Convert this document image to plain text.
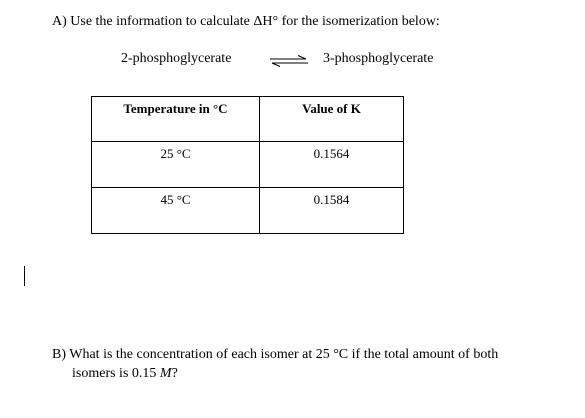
A) Use the information to calculate ΔH° for the isomerization below:
2-phosphoglycerate ⇌ 3-phosphoglycerate
Temperature in °C	Value of K
25 °C	0.1564
45 °C	0.1584
B) What is the concentration of each isomer at 25 °C if the total amount of both
isomers is 0.15 M?
